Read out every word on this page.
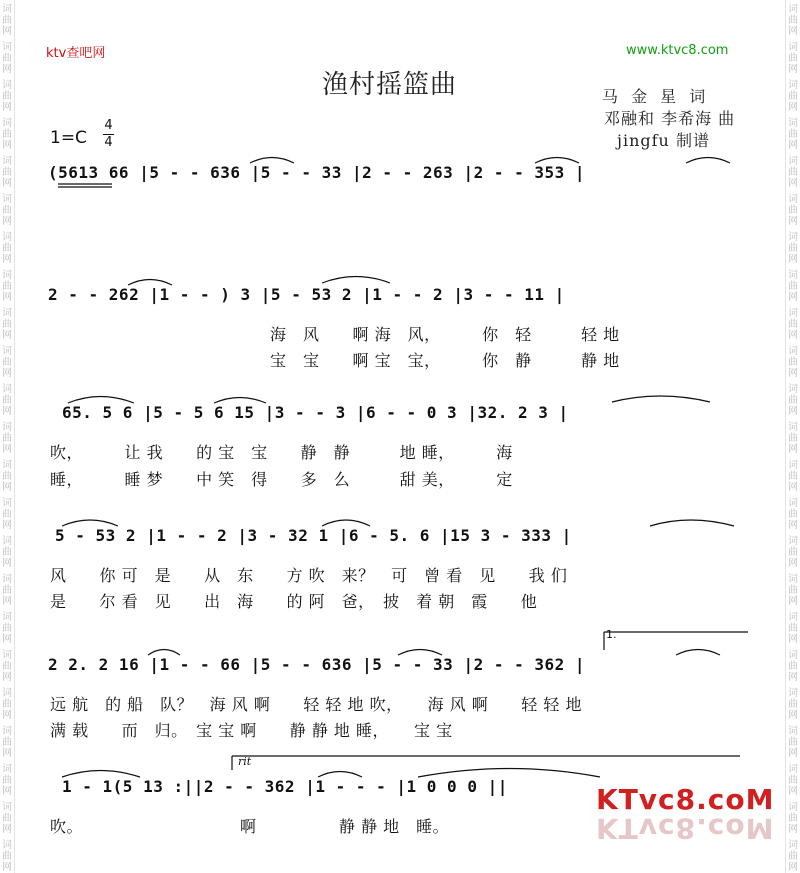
词
曲
网
词
曲
网
词
曲
网
词
曲
网
词
曲
网
词
曲
网
词
曲
网
词
曲
网
词
曲
网
词
曲
网
词
曲
网
词
曲
网
词
曲
网
词
曲
网
词
曲
网
词
曲
网
词
曲
网
词
曲
网
词
曲
网
词
曲
网
词
曲
网
词
曲
网
词
曲
网
词
曲
网
词
曲
网
词
曲
网
词
曲
网
词
曲
网
词
曲
网
词
曲
网
词
曲
网
词
曲
网
词
曲
网
词
曲
网
词
曲
网
词
曲
网
词
曲
网
词
曲
网
词
曲
网
词
曲
网
词
曲
网
词
曲
网
词
曲
网
词
曲
网
词
曲
网
词
曲
网
ktv查吧网	www.ktvc8.com
渔村摇篮曲	马 金 星 词
邓融和 李希海 曲
jingfu 制谱
1=C
4
4
(5613 66 |5 - - 636 |5 - - 33 |2 - - 263 |2 - - 353 |
2 - - 262 |1 - - ) 3 |5 - 53 2 |1 - - 2 |3 - - 11 |
海　风　　啊 海　风，　　　你　轻　　　轻 地
宝　宝　　啊 宝　宝，　　　你　静　　　静 地
65. 5 6 |5 - 5 6 15 |3 - - 3 |6 - - 0 3 |32. 2 3 |
吹，　　　让 我　　的 宝　宝　　静　静　　　地 睡，　　　海
睡，　　　睡 梦　　中 笑　得　　多　么　　　甜 美，　　　定
5 - 53 2 |1 - - 2 |3 - 32 1 |6 - 5. 6 |15 3 - 333 |
风　　你 可　是　　从　东　　方 吹　来？　可　曾 看　见　　我 们
是　　尔 看　见　　出　海　　的 阿　爸，　披　着 朝　霞　　他
2 2. 2 16 |1 - - 66 |5 - - 636 |5 - - 33 |2 - - 362 |
远 航　的 船　队？　海 风 啊　　轻 轻 地 吹，　　海 风 啊　　轻 轻 地
满 载　　而　归。　宝 宝 啊　　静 静 地 睡，　　宝 宝
rit
1 - 1(5 13 :||2 - - 362 |1 - - - |1 0 0 0 ||
吹。　　　　　　　　　　啊　　　　　静 静 地　睡。
1.
KTvc8.coM
KTvc8.coM
